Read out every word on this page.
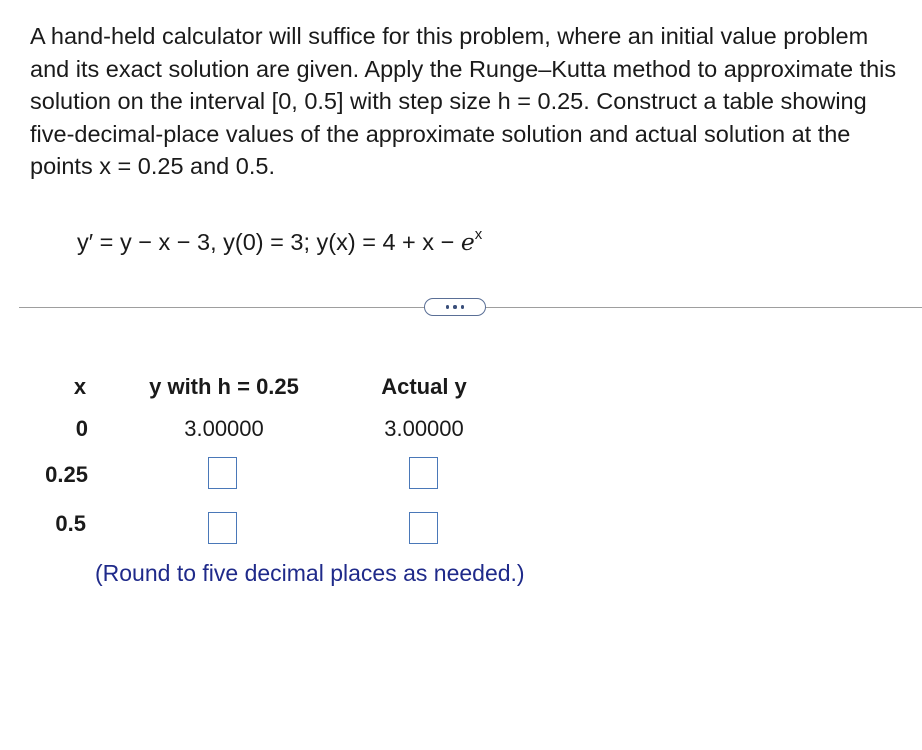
A hand-held calculator will suffice for this problem, where an initial value problem and its exact solution are given. Apply the Runge–Kutta method to approximate this solution on the interval [0, 0.5] with step size h = 0.25. Construct a table showing five-decimal-place values of the approximate solution and actual solution at the points x = 0.25 and 0.5.

y′ = y − x − 3, y(0) = 3; $y(x) = 4 + x - e^x$
x	y with h = 0.25	Actual y
0	3.00000	3.00000
0.25
0.5
(Round to five decimal places as needed.)
